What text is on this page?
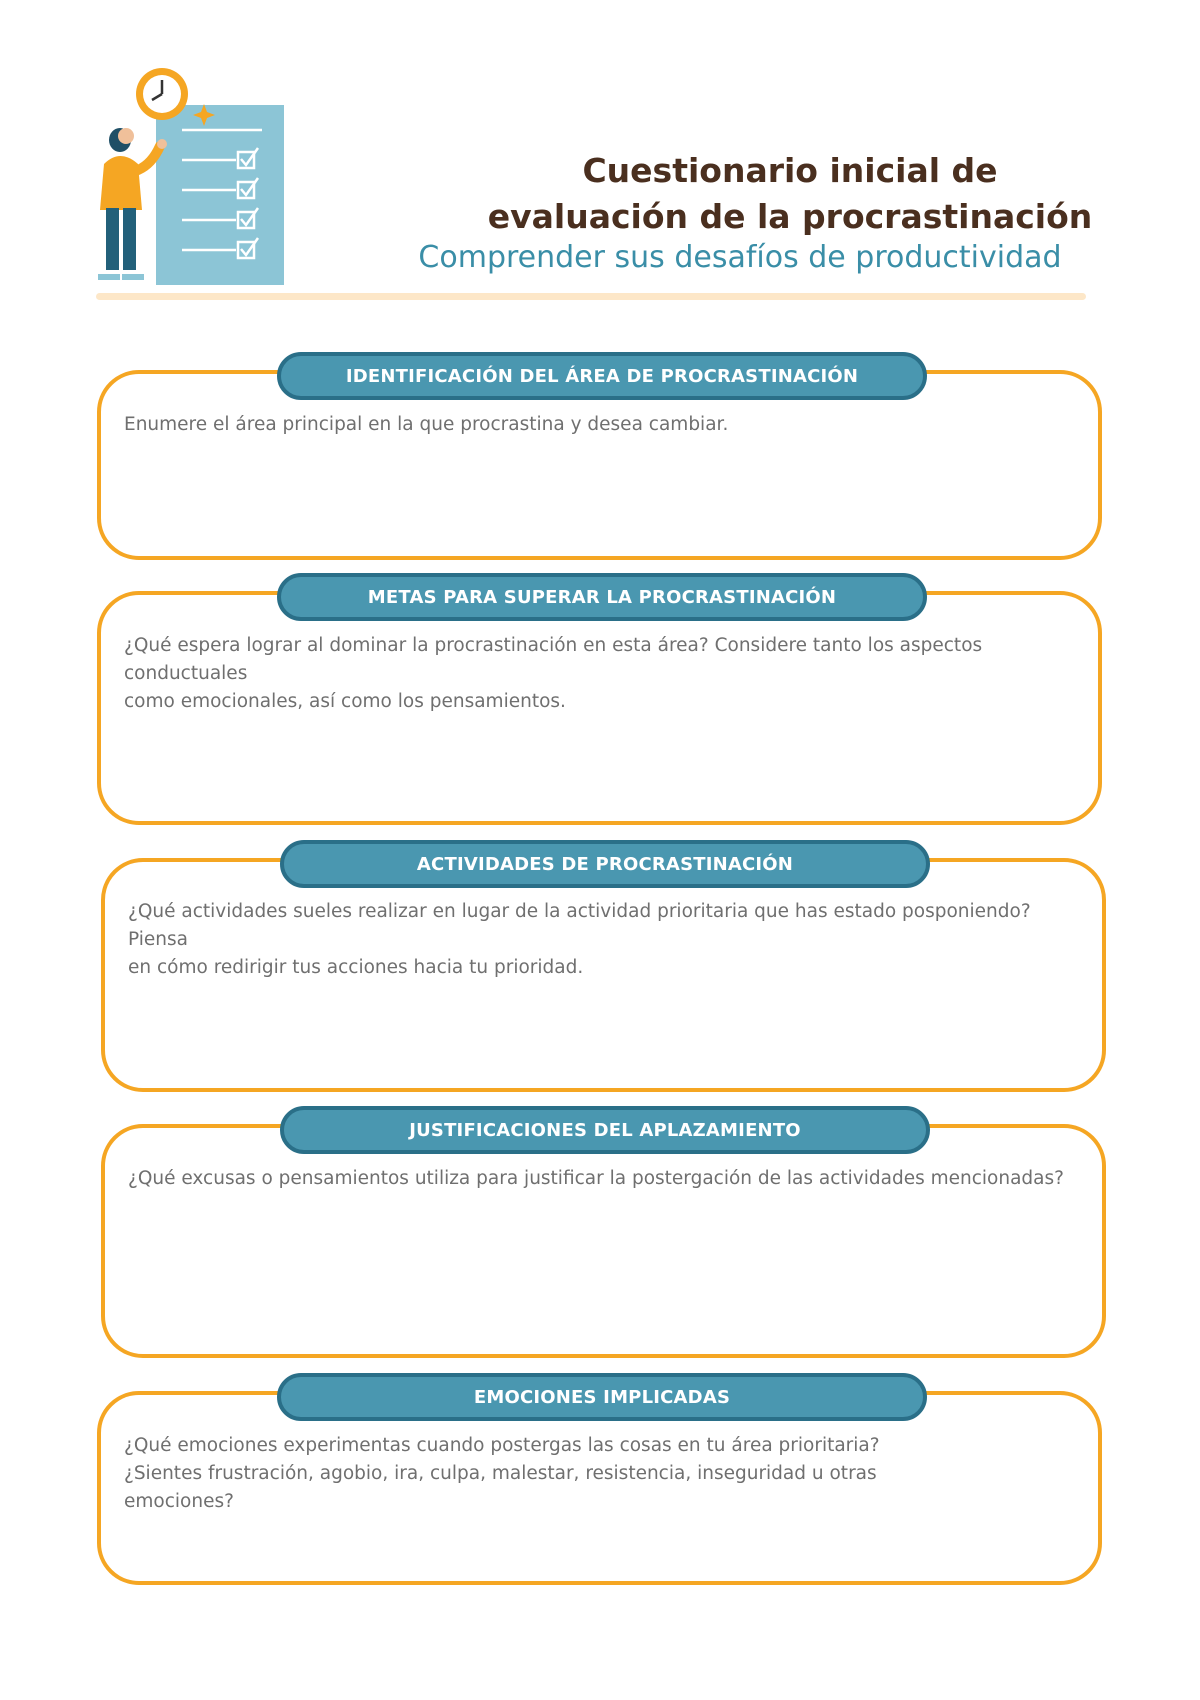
Cuestionario inicial de
evaluación de la procrastinación
Comprender sus desafíos de productividad
IDENTIFICACIÓN DEL ÁREA DE PROCRASTINACIÓN
Enumere el área principal en la que procrastina y desea cambiar.
METAS PARA SUPERAR LA PROCRASTINACIÓN
¿Qué espera lograr al dominar la procrastinación en esta área? Considere tanto los aspectos conductuales
como emocionales, así como los pensamientos.
ACTIVIDADES DE PROCRASTINACIÓN
¿Qué actividades sueles realizar en lugar de la actividad prioritaria que has estado posponiendo? Piensa
en cómo redirigir tus acciones hacia tu prioridad.
JUSTIFICACIONES DEL APLAZAMIENTO
¿Qué excusas o pensamientos utiliza para justificar la postergación de las actividades mencionadas?
EMOCIONES IMPLICADAS
¿Qué emociones experimentas cuando postergas las cosas en tu área prioritaria?
¿Sientes frustración, agobio, ira, culpa, malestar, resistencia, inseguridad u otras
emociones?
